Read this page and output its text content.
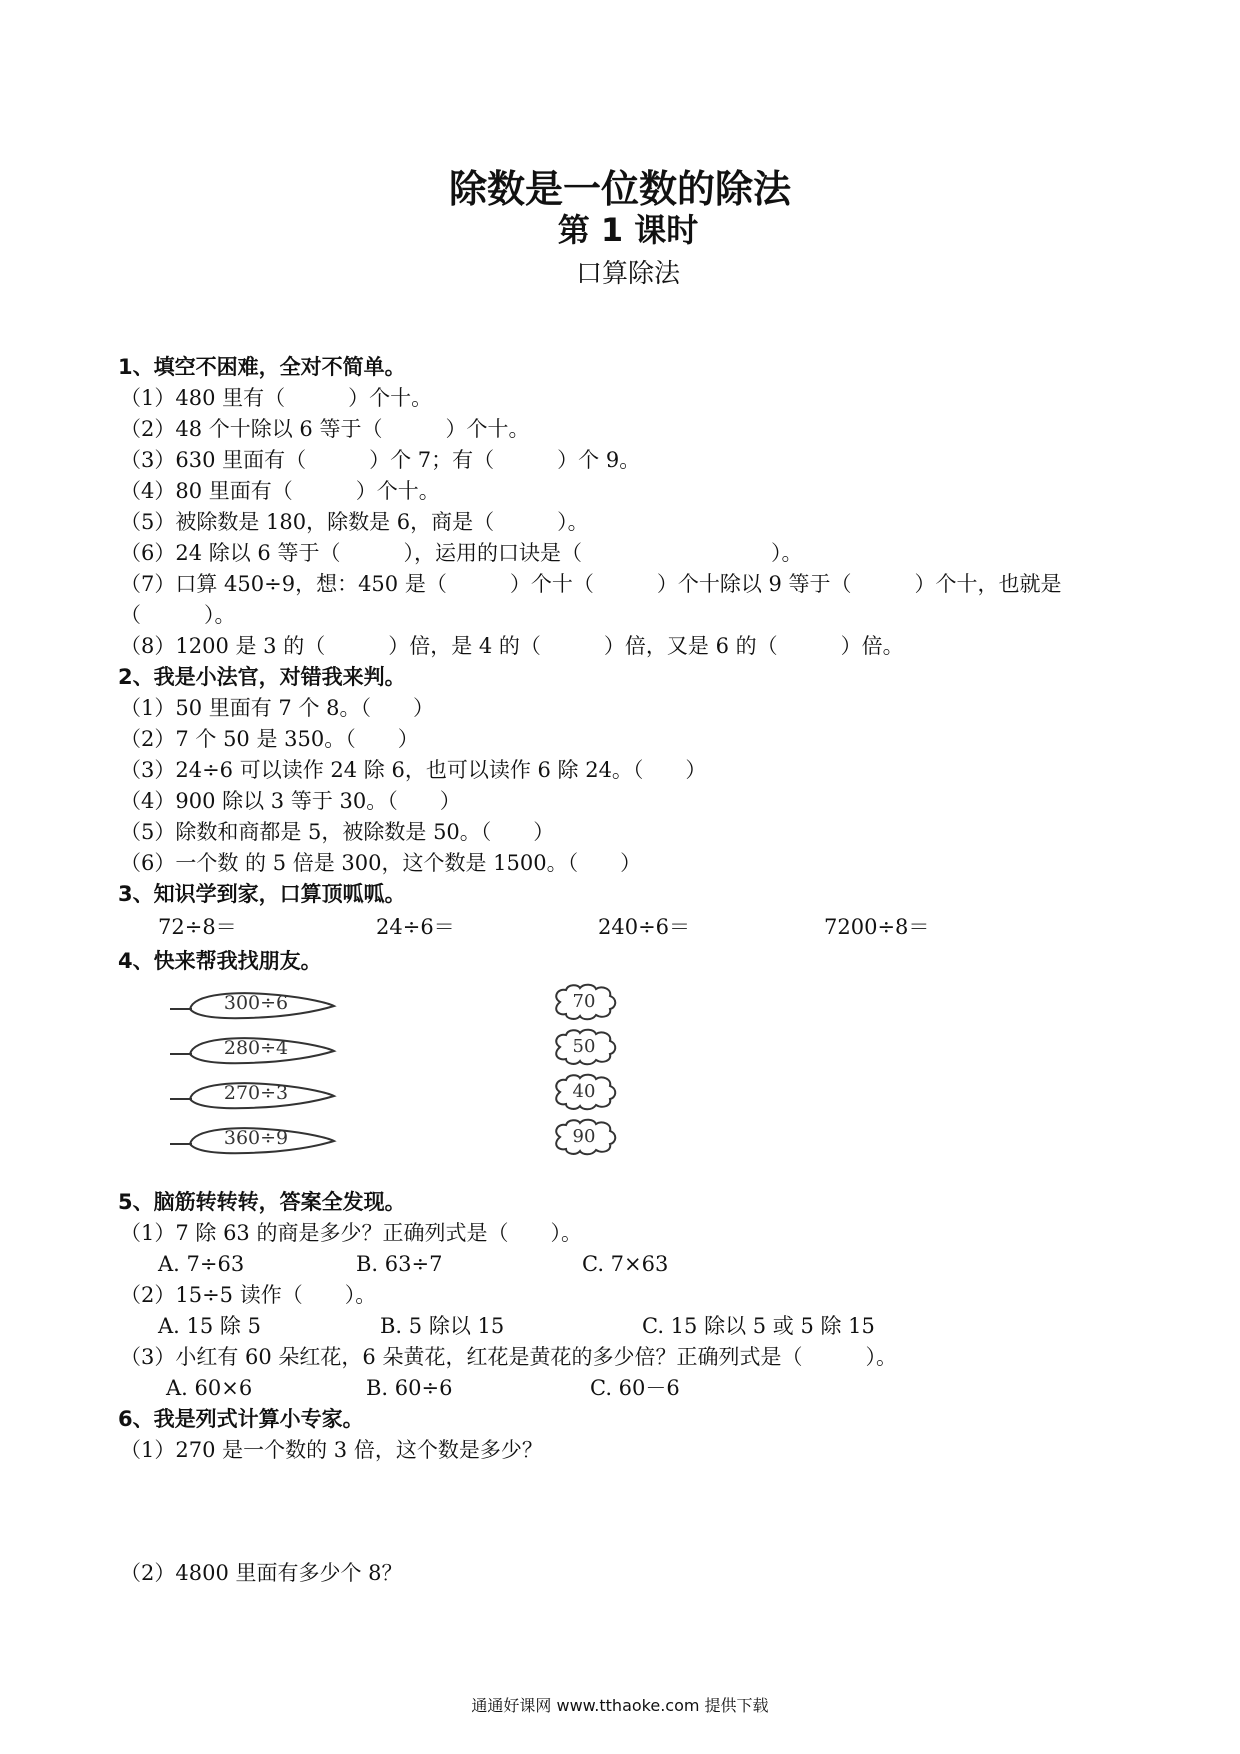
除数是一位数的除法
第 1 课时
口算除法
1、填空不困难，全对不简单。
（1）480 里有（　　　）个十。
（2）48 个十除以 6 等于（　　　）个十。
（3）630 里面有（　　　）个 7；有（　　　）个 9。
（4）80 里面有（　　　）个十。
（5）被除数是 180，除数是 6，商是（　　　）。
（6）24 除以 6 等于（　　　），运用的口诀是（　　　　　　　　　）。
（7）口算 450÷9，想：450 是（　　　）个十（　　　）个十除以 9 等于（　　　）个十，也就是（　　　）。
（8）1200 是 3 的（　　　）倍，是 4 的（　　　）倍，又是 6 的（　　　）倍。
2、我是小法官，对错我来判。
（1）50 里面有 7 个 8。（　　）
（2）7 个 50 是 350。（　　）
（3）24÷6 可以读作 24 除 6，也可以读作 6 除 24。（　　）
（4）900 除以 3 等于 30。（　　）
（5）除数和商都是 5，被除数是 50。（　　）
（6）一个数 的 5 倍是 300，这个数是 1500。（　　）
3、知识学到家，口算顶呱呱。
72÷8＝	24÷6＝	240÷6＝	7200÷8＝
4、快来帮我找朋友。
300÷6
280÷4
270÷3
360÷9
70
50
40
90
5、脑筋转转转，答案全发现。
（1）7 除 63 的商是多少？正确列式是（　　）。
A. 7÷63	B. 63÷7	C. 7×63
（2）15÷5 读作（　　）。
A. 15 除 5	B. 5 除以 15	C. 15 除以 5 或 5 除 15
（3）小红有 60 朵红花，6 朵黄花，红花是黄花的多少倍？正确列式是（　　　）。
A. 60×6	B. 60÷6	C. 60－6
6、我是列式计算小专家。
（1）270 是一个数的 3 倍，这个数是多少？
（2）4800 里面有多少个 8？
通通好课网 www.tthaoke.com 提供下载
